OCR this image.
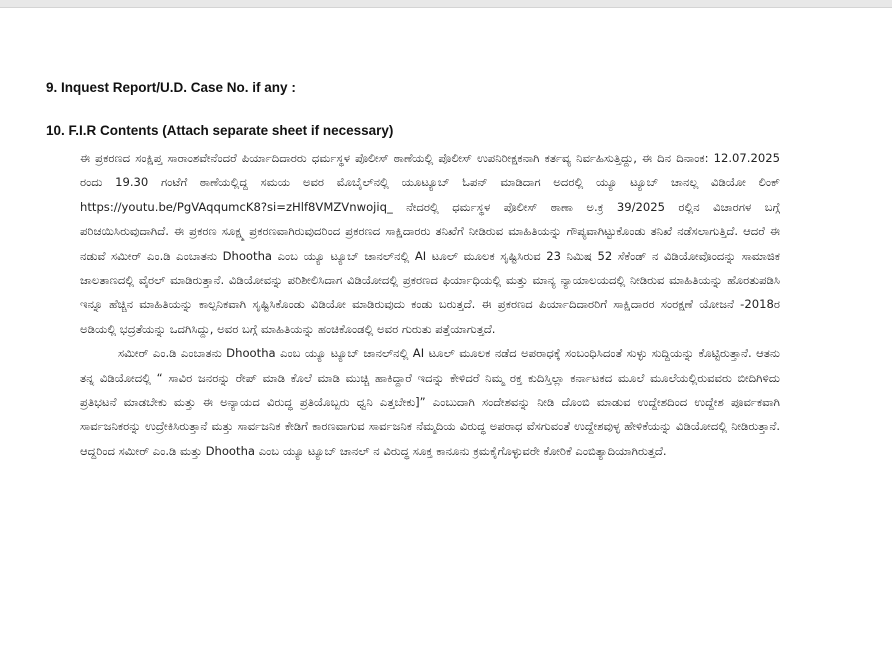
9. Inquest Report/U.D. Case No. if any :
10. F.I.R Contents (Attach separate sheet if necessary)

ಈ ಪ್ರಕರಣದ ಸಂಕ್ಷಿಪ್ತ ಸಾರಾಂಶವೇನೆಂದರೆ ಪಿರ್ಯಾದಿದಾರರು ಧರ್ಮಸ್ಥಳ ಪೊಲೀಸ್ ಠಾಣೆಯಲ್ಲಿ ಪೊಲೀಸ್ ಉಪನಿರೀಕ್ಷಕನಾಗಿ ಕರ್ತವ್ಯ ನಿರ್ವಹಿಸುತ್ತಿದ್ದು, ಈ ದಿನ ದಿನಾಂಕ: 12.07.2025 ರಂದು 19.30 ಗಂಟೆಗೆ ಠಾಣೆಯಲ್ಲಿದ್ದ ಸಮಯ ಅವರ ಮೊಬೈಲ್‌ನಲ್ಲಿ ಯೂಟ್ಯೂಬ್ ಓಪನ್ ಮಾಡಿದಾಗ ಅದರಲ್ಲಿ ಯ್ಯೂ ಟ್ಯೂಬ್ ಚಾನಲ್ಲ ವಿಡಿಯೋ ಲಿಂಕ್ https://youtu.be/PgVAqqumcK8?si=zHlf8VMZVnwojiq_ ನೇದರಲ್ಲಿ ಧರ್ಮಸ್ಥಳ ಪೊಲೀಸ್ ಠಾಣಾ ಅ.ಕ್ರ 39/2025 ರಲ್ಲಿನ ವಿಚಾರಗಳ ಬಗ್ಗೆ ಪರಿಚಯಿಸಿರುವುದಾಗಿದೆ. ಈ ಪ್ರಕರಣ ಸೂಕ್ಷ್ಮ ಪ್ರಕರಣವಾಗಿರುವುದರಿಂದ ಪ್ರಕರಣದ ಸಾಕ್ಷಿದಾರರು ತನಿಖೆಗೆ ನೀಡಿರುವ ಮಾಹಿತಿಯನ್ನು ಗೌಪ್ಯವಾಗಿಟ್ಟುಕೊಂಡು ತನಿಖೆ ನಡೆಸಲಾಗುತ್ತಿದೆ. ಆದರೆ ಈ ನಡುವೆ ಸಮೀರ್ ಎಂ.ಡಿ ಎಂಬಾತನು Dhootha ಎಂಬ ಯ್ಯೂ ಟ್ಯೂಬ್ ಚಾನಲ್‌ನಲ್ಲಿ AI ಟೂಲ್ ಮೂಲಕ ಸೃಷ್ಟಿಸಿರುವ 23 ನಿಮಿಷ 52 ಸೆಕೆಂಡ್ ನ ವಿಡಿಯೋವೊಂದನ್ನು ಸಾಮಾಜಿಕ ಜಾಲತಾಣದಲ್ಲಿ ವೈರಲ್ ಮಾಡಿರುತ್ತಾನೆ. ವಿಡಿಯೋವನ್ನು ಪರಿಶೀಲಿಸಿದಾಗ ವಿಡಿಯೋದಲ್ಲಿ ಪ್ರಕರಣದ ಫಿರ್ಯಾಧಿಯಲ್ಲಿ ಮತ್ತು ಮಾನ್ಯ ನ್ಯಾಯಾಲಯದಲ್ಲಿ ನೀಡಿರುವ ಮಾಹಿತಿಯನ್ನು ಹೊರತುಪಡಿಸಿ ಇನ್ನೂ ಹೆಚ್ಚಿನ ಮಾಹಿತಿಯನ್ನು ಕಾಲ್ಪನಿಕವಾಗಿ ಸೃಷ್ಟಿಸಿಕೊಂಡು ವಿಡಿಯೋ ಮಾಡಿರುವುದು ಕಂಡು ಬರುತ್ತದೆ. ಈ ಪ್ರಕರಣದ ಪಿರ್ಯಾದಿದಾರರಿಗೆ ಸಾಕ್ಷಿದಾರರ ಸಂರಕ್ಷಣೆ ಯೋಜನೆ -2018ರ ಅಡಿಯಲ್ಲಿ ಭದ್ರತೆಯನ್ನು ಒದಗಿಸಿದ್ದು, ಅವರ ಬಗ್ಗೆ ಮಾಹಿತಿಯನ್ನು ಹಂಚಿಕೊಂಡಲ್ಲಿ ಅವರ ಗುರುತು ಪತ್ತೆಯಾಗುತ್ತದೆ.

ಸಮೀರ್ ಎಂ.ಡಿ ಎಂಬಾತನು Dhootha ಎಂಬ ಯ್ಯೂ ಟ್ಯೂಬ್ ಚಾನಲ್‌ನಲ್ಲಿ AI ಟೂಲ್ ಮೂಲಕ ನಡೆದ ಅಪರಾಧಕ್ಕೆ ಸಂಬಂಧಿಸಿದಂತೆ ಸುಳ್ಳು ಸುದ್ದಿಯನ್ನು ಕೊಟ್ಟಿರುತ್ತಾನೆ. ಆತನು ತನ್ನ ವಿಡಿಯೋದಲ್ಲಿ “ ಸಾವಿರ ಜನರನ್ನು ರೇಪ್ ಮಾಡಿ ಕೊಲೆ ಮಾಡಿ ಮುಚ್ಚಿ ಹಾಕಿದ್ದಾರೆ ಇದನ್ನು ಕೇಳಿದರೆ ನಿಮ್ಮ ರಕ್ತ ಕುದಿಸ್ತಿಲ್ಲಾ ಕರ್ನಾಟಕದ ಮೂಲೆ ಮೂಲೆಯಲ್ಲಿರುವವರು ಬೀದಿಗಿಳಿದು ಪ್ರತಿಭಟನೆ ಮಾಡಬೇಕು ಮತ್ತು ಈ ಅನ್ಯಾಯದ ವಿರುದ್ಧ ಪ್ರತಿಯೊಬ್ಬರು ಧ್ವನಿ ಎತ್ತಬೇಕು]” ಎಂಬುದಾಗಿ ಸಂದೇಶವನ್ನು ನೀಡಿ ದೊಂಬಿ ಮಾಡುವ ಉದ್ದೇಶದಿಂದ ಉದ್ದೇಶ ಪೂರ್ವಕವಾಗಿ ಸಾರ್ವಜನಿಕರನ್ನು ಉದ್ರೇಕಿಸಿರುತ್ತಾನೆ ಮತ್ತು ಸಾರ್ವಜನಿಕ ಕೇಡಿಗೆ ಕಾರಣವಾಗುವ ಸಾರ್ವಜನಿಕ ನೆಮ್ಮದಿಯ ವಿರುದ್ಧ ಅಪರಾಧ ವೆಸಗುವಂತೆ ಉದ್ದೇಶವುಳ್ಳ ಹೇಳಿಕೆಯನ್ನು ವಿಡಿಯೋದಲ್ಲಿ ನೀಡಿರುತ್ತಾನೆ. ಆದ್ದರಿಂದ ಸಮೀರ್ ಎಂ.ಡಿ ಮತ್ತು Dhootha ಎಂಬ ಯ್ಯೂ ಟ್ಯೂಬ್ ಚಾನಲ್ ನ ವಿರುದ್ಧ ಸೂಕ್ತ ಕಾನೂನು ಕ್ರಮಕೈಗೊಳ್ಳುವರೇ ಕೋರಿಕೆ ಎಂಬಿತ್ಯಾದಿಯಾಗಿರುತ್ತದೆ.
